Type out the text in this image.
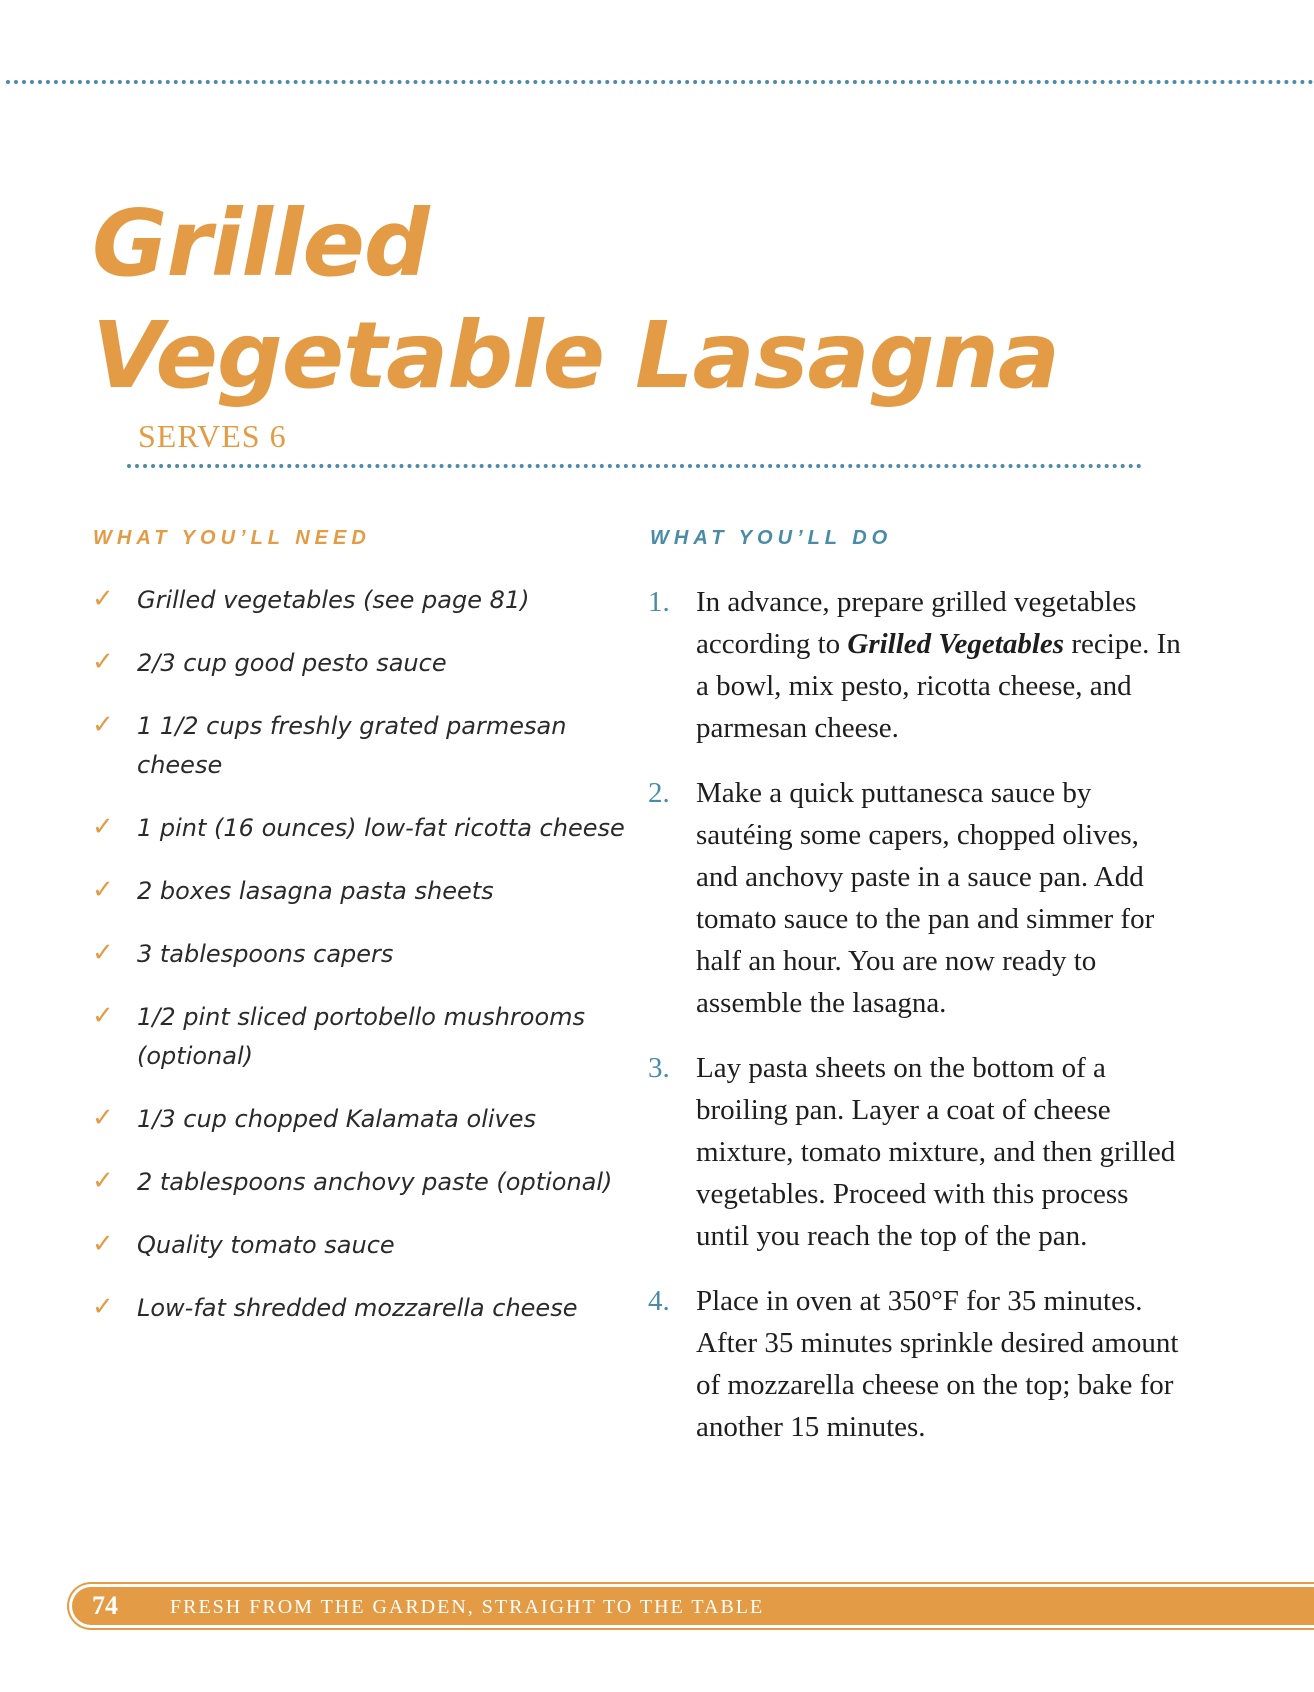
Grilled
Vegetable Lasagna
SERVES 6
WHAT YOU’LL NEED	WHAT YOU’LL DO
✓ Grilled vegetables (see page 81)
✓ 2/3 cup good pesto sauce
✓ 1 1/2 cups freshly grated parmesan cheese
✓ 1 pint (16 ounces) low-fat ricotta cheese
✓ 2 boxes lasagna pasta sheets
✓ 3 tablespoons capers
✓ 1/2 pint sliced portobello mushrooms (optional)
✓ 1/3 cup chopped Kalamata olives
✓ 2 tablespoons anchovy paste (optional)
✓ Quality tomato sauce
✓ Low-fat shredded mozzarella cheese
1. In advance, prepare grilled vegetables according to Grilled Vegetables recipe. In a bowl, mix pesto, ricotta cheese, and parmesan cheese.
2. Make a quick puttanesca sauce by sautéing some capers, chopped olives, and anchovy paste in a sauce pan. Add tomato sauce to the pan and simmer for half an hour. You are now ready to assemble the lasagna.
3. Lay pasta sheets on the bottom of a broiling pan. Layer a coat of cheese mixture, tomato mixture, and then grilled vegetables. Proceed with this process until you reach the top of the pan.
4. Place in oven at 350°F for 35 minutes. After 35 minutes sprinkle desired amount of mozzarella cheese on the top; bake for another 15 minutes.
74	FRESH FROM THE GARDEN, STRAIGHT TO THE TABLE
